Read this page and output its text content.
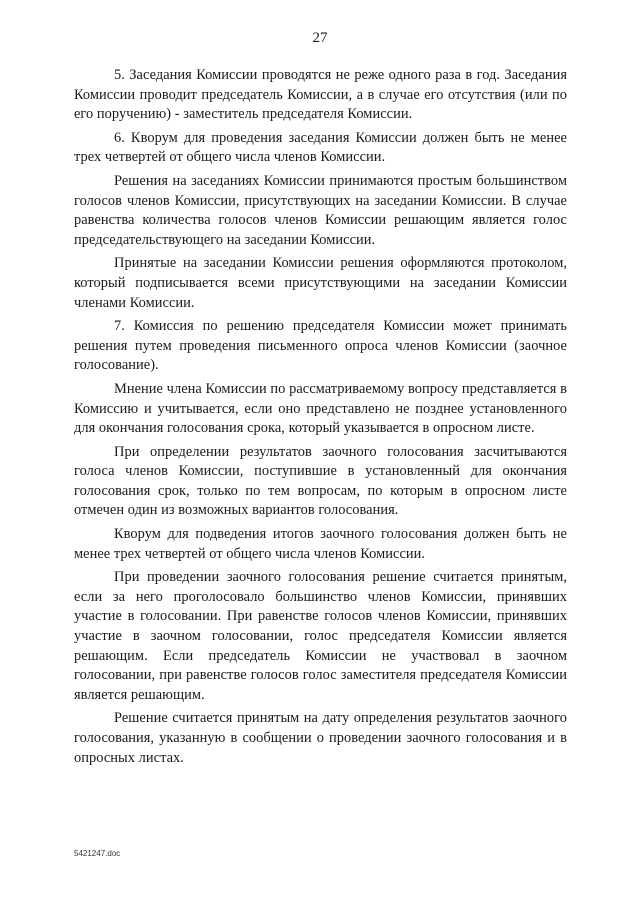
27

5. Заседания Комиссии проводятся не реже одного раза в год. Заседания Комиссии проводит председатель Комиссии, а в случае его отсутствия (или по его поручению) - заместитель председателя Комиссии.

6. Кворум для проведения заседания Комиссии должен быть не менее трех четвертей от общего числа членов Комиссии.

Решения на заседаниях Комиссии принимаются простым большинством голосов членов Комиссии, присутствующих на заседании Комиссии. В случае равенства количества голосов членов Комиссии решающим является голос председательствующего на заседании Комиссии.

Принятые на заседании Комиссии решения оформляются протоколом, который подписывается всеми присутствующими на заседании Комиссии членами Комиссии.

7. Комиссия по решению председателя Комиссии может принимать решения путем проведения письменного опроса членов Комиссии (заочное голосование).

Мнение члена Комиссии по рассматриваемому вопросу представляется в Комиссию и учитывается, если оно представлено не позднее установленного для окончания голосования срока, который указывается в опросном листе.

При определении результатов заочного голосования засчитываются голоса членов Комиссии, поступившие в установленный для окончания голосования срок, только по тем вопросам, по которым в опросном листе отмечен один из возможных вариантов голосования.

Кворум для подведения итогов заочного голосования должен быть не менее трех четвертей от общего числа членов Комиссии.

При проведении заочного голосования решение считается принятым, если за него проголосовало большинство членов Комиссии, принявших участие в голосовании. При равенстве голосов членов Комиссии, принявших участие в заочном голосовании, голос председателя Комиссии является решающим. Если председатель Комиссии не участвовал в заочном голосовании, при равенстве голосов голос заместителя председателя Комиссии является решающим.

Решение считается принятым на дату определения результатов заочного голосования, указанную в сообщении о проведении заочного голосования и в опросных листах.

5421247.doc
